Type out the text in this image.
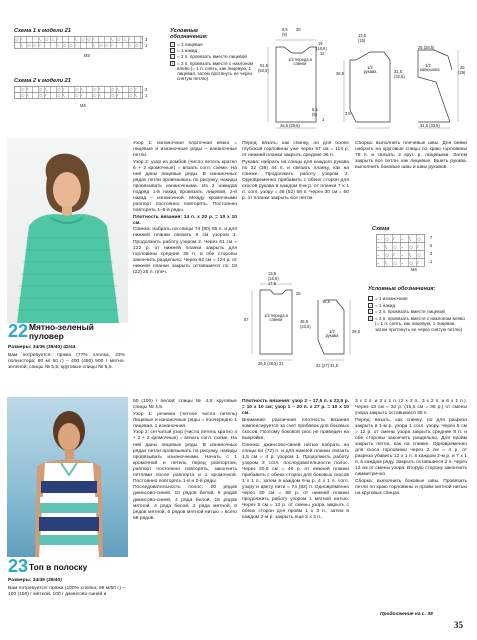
Схема 1 к модели 21
○ ⁄	\ ○ ○ ⁄	\ ○ ○ ⁄	\ ○ ○ ⁄
\ ○ ○ ⁄	\ ○ ○ ⁄	\ ○ ○ ⁄	\ ○
3
1
MS
Схема 2 к модели 21
○ ⁄	○ \	○ ⁄	○ \	○ ⁄	○ \	○ ⁄
○ \	○ ⁄	○ \	○ ⁄	○ \	○ ⁄	○ \
3
1
MS
Условные обозначения:
= 1 лицевая
◌ = 1 накид
⁄ = 2 п. провязать вместе лицевой
∖ = 2 п. провязать вместе с наклоном влево (= 1 п. снять, как лицевую, 1 лицевая, затем протянуть ее через снятую петлю)
8,5
(9)
20
19
(18,5)
12
1/2 переда и спинки
51,5
(53,5)
5,5
(5)
1
26,5 (29,5)
13,5
(15)
1/2 рукава
28,5	31,5
(32,5)
3,5
25 (28,5)
1/2 капюшона	25
(29)
31,5 (33,5)
22 Мятно-зеленый пуловер
Размеры: 34/36 (38/40) 42/44
Вам потребуется: пряжа (77% хлопка, 23% полиэстера; 80 м/ 50 г) – 400 (450) 500 г мятно-зеленой; спицы № 5,5; круговые спицы № 5,5.

Узор 1: изнаночная платочная вязка = лицевые и изнаночные ряды – изнаночные петли.

Узор 2: узор из ромбов (число петель кратно 6 + 2 кромочные) = вязать согл. схеме. На ней даны лицевые ряды. В изнаночных рядах петли провязывать по рисунку, накиды провязывать изнаночными. Из 2 накидов подряд 1-й накид провязать лицевой, 2-й накид – изнаночной. Между кромочными раппорт постоянно повторять. Постоянно повторять 1–8-й ряды.

Плотность вязания: 14 п. х 20 р. = 10 х 10 см.

Спинка: набрать на спицы 74 (80) 86 п. и для нижней планки связать 5 см узором 1. Продолжить работу узором 2. Через 61 см = 122 р. от нижней планки закрыть для горловины средние 36 п. и обе стороны закончить раздельно. Через 62 см = 124 р. от нижней планки закрыть оставшиеся по 19 (22) 25 п. плеч.

Перед: вязать, как спинку, но для более глубокой горловины уже через 57 см = 114 р. от нижней планки закрыть средние 36 п.

Рукава: набрать на спицы для каждого рукава по 32 (38) 44 п. и связать планку, как на спинке. Продолжить работу узором 2. Одновременно прибавить с обеих сторон для скосов рукава в каждом 8-м р. от планки 7 х 1 п. согл. узору = 46 (52) 58 п. Через 30 см = 60 р. от планки закрыть все петли.

Сборка: выполнить плечевые швы. Для бейки набрать на круговые спицы по краю горловины 78 п. и связать 2 круг. р. лицевыми. Затем закрыть все петли, как лицевые. Вшить рукава, выполнить боковые швы и швы рукавов.

Схема
– ○ ⁄	– \ ○
– \ ○ – ○ ⁄
– ○ ⁄	– \ ○
– \ ○ – ○ ⁄
7
5
3
1
MS
Условные обозначения:
– = 1 изнаночная
◌ = 1 накид
⁄ = 2 п. провязать вместе лицевой
∖ = 2 п. провязать вместе с наклоном влево (= 1 п. снять, как лицевую, 1 лицевая, затем протянуть ее через снятую петлю)
13,5
(15,5)
17,5
26
1/2 переда и спинки
57
26,5 (28,5) 31
16,5
1/2 рукава
45,5
(43,5)
28,5
23 (27) 31,5
23 Топ в полоску
Размеры: 34/36 (38/40)
Вам потребуется: пряжа (100% хлопка; 95 м/50 г) – 100 (150) г мятной, 100 г джинсово-синей и

50 (100) г белой; спицы № 4,5; круговые спицы № 4,5.

Узор 1: резинка (четное число петель) Лицевые и изнаночные ряды = поочередно 1 лицевая, 1 изнаночная.

Узор 2: сетчатый узор (число петель кратно 4 + 2 + 2 кромочные) = вязать согл. схеме. На ней даны лицевые ряды. В изнаночных рядах петли провязывать по рисунку, накиды провязывать изнаночными. Начать с 1 кромочной и петель перед раппортом, раппорт постоянно повторять, закончить петлями после раппорта и 1 кромочной. Постоянно повторять 1-й и 2-й ряды.

Последовательность полос: 20 рядов джинсово-синей, 10 рядов белой, 6 рядов джинсово-синей, 4 ряда белой, 16 рядов мятной, 4 ряда белой, 2 ряда мятной, 6 рядов мятной, 6 рядов мятной нитью = всего 68 рядов.

Плотность вязания: узор 2 – 17,5 п. х 22,5 р. = 10 х 10 см; узор 1 – 20 п. х 27 р. = 10 х 10 см.

Внимание: различная плотность вязания компенсируется за счет прибавок для боковых скосов. Поэтому боковой скос не приведен на выкройке.

Спинка: джинсово-синей нитью набрать на спицы 64 (72) п. и для нижней планки связать 1,5 см = 4 р. узором 1. Продолжить работу узором 2 согл. последовательности полос. Через 20,5 см = 46 р. от нижней планки прибавить с обеих сторон для боковых скосов 1 х 1 п., затем в каждом 6-м р. 4 х 1 п. согл. узору и цвету нити = 74 (82) п. Одновременно через 30 см = 68 р. от нижней планки продолжить работу узором 1 мятной нитью. Через 5 см = 12 р. от смены узора закрыть с обеих сторон для пройм 1 х 3 п., затем в каждом 2-м р. закрыть еще 2 х 3 п.,

3 х 2 п. и 3 х 1 п. (2 х 3 п., 3 х 2 п. и 6 х 1 п.). Через 13 см = 32 р. (15,5 см = 38 р.) от смены узора закрыть оставшиеся 36 п.

Перед: вязать, как спинку, но для разреза закрыть в 1-м р. узора 1 согл. узору. Через 5 см = 12 р. от смены узора закрыть средние 8 п. и обе стороны закончить раздельно. Для пройм закрыть петли, как на спинке. Одновременно для скоса горловины через 2 см = 4 р. от разреза убавить 12 х 1 п. в каждом 2-м р. и 7 х 1 п. в каждом ряду. Закрыть оставшиеся 2 п. через 13 см от смены узора. Вторую сторону закончить симметрично.

Сборка: выполнить боковые швы. Провязать петли по краю горловины и пройм мятной нитью на круговых спицах.

Продолжение на с. 38
35
